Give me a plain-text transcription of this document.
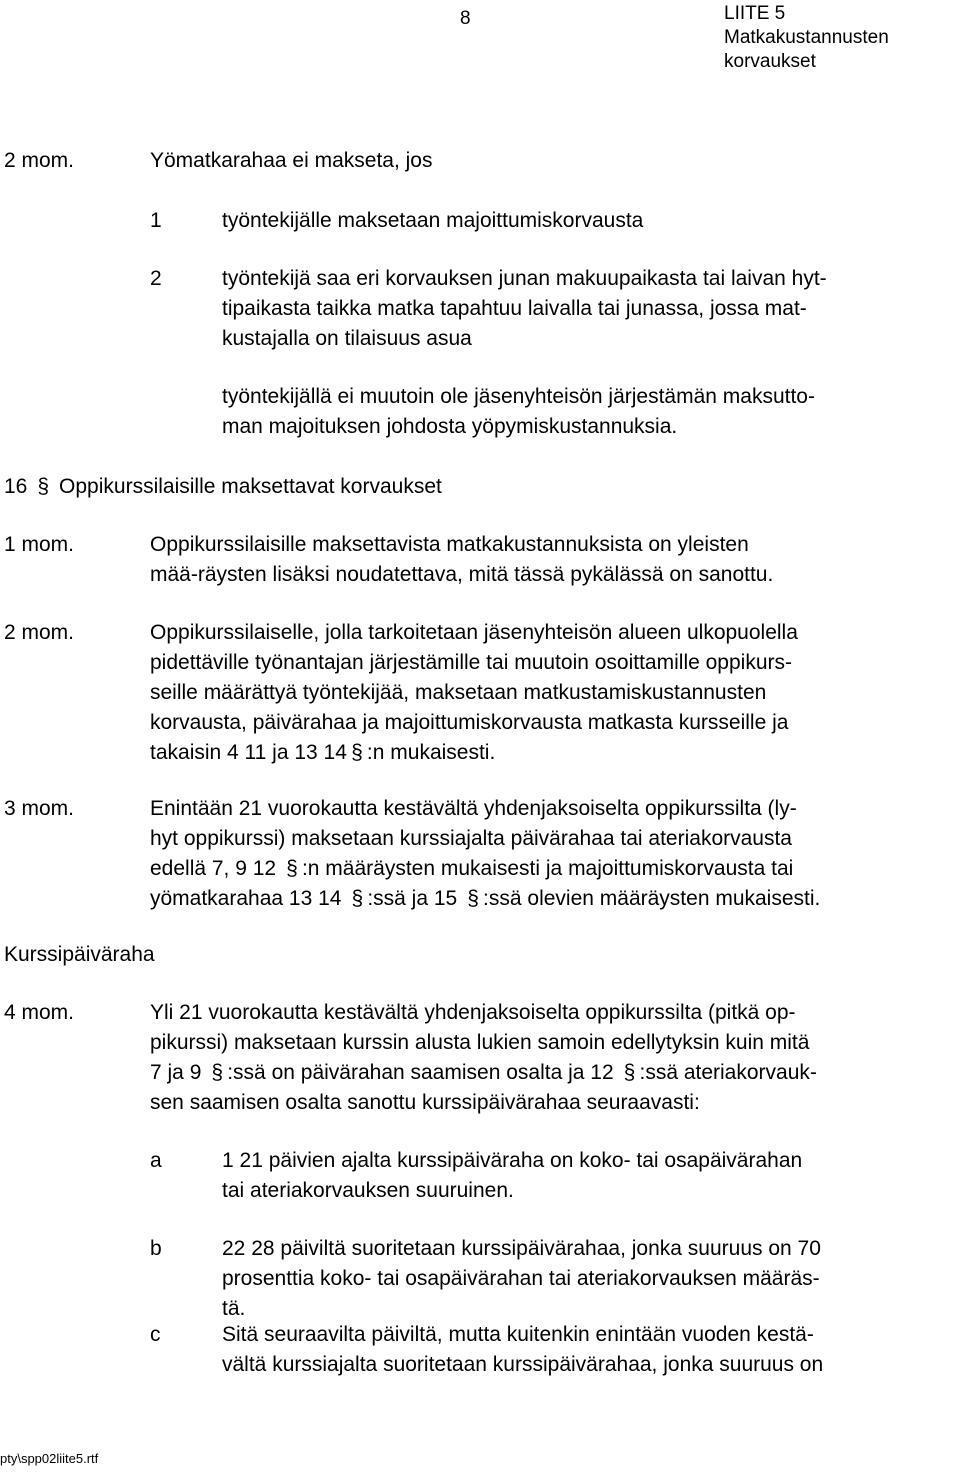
8	LIITE 5
Matkakustannusten
korvaukset
2 mom.	Yömatkarahaa ei makseta, jos
1	työntekijälle maksetaan majoittumiskorvausta
2	työntekijä saa eri korvauksen junan makuupaikasta tai laivan hyt-
tipaikasta taikka matka tapahtuu laivalla tai junassa, jossa mat-
kustajalla on tilaisuus asua
työntekijällä ei muutoin ole jäsenyhteisön järjestämän maksutto-
man majoituksen johdosta yöpymiskustannuksia.
16 § Oppikurssilaisille maksettavat korvaukset
1 mom.	Oppikurssilaisille maksettavista matkakustannuksista on yleisten
mää-räysten lisäksi noudatettava, mitä tässä pykälässä on sanottu.
2 mom.	Oppikurssilaiselle, jolla tarkoitetaan jäsenyhteisön alueen ulkopuolella
pidettäville työnantajan järjestämille tai muutoin osoittamille oppikurs-
seille määrättyä työntekijää, maksetaan matkustamiskustannusten
korvausta, päivärahaa ja majoittumiskorvausta matkasta kursseille ja
takaisin 4 11 ja 13 14 § :n mukaisesti.
3 mom.	Enintään 21 vuorokautta kestävältä yhdenjaksoiselta oppikurssilta (ly-
hyt oppikurssi) maksetaan kurssiajalta päivärahaa tai ateriakorvausta
edellä 7, 9 12 § :n määräysten mukaisesti ja majoittumiskorvausta tai
yömatkarahaa 13 14 § :ssä ja 15 § :ssä olevien määräysten mukaisesti.
Kurssipäiväraha
4 mom.	Yli 21 vuorokautta kestävältä yhdenjaksoiselta oppikurssilta (pitkä op-
pikurssi) maksetaan kurssin alusta lukien samoin edellytyksin kuin mitä
7 ja 9 § :ssä on päivärahan saamisen osalta ja 12 § :ssä ateriakorvauk-
sen saamisen osalta sanottu kurssipäivärahaa seuraavasti:
a	1 21 päivien ajalta kurssipäiväraha on koko- tai osapäivärahan
tai ateriakorvauksen suuruinen.
b	22 28 päiviltä suoritetaan kurssipäivärahaa, jonka suuruus on 70
prosenttia koko- tai osapäivärahan tai ateriakorvauksen määräs-
tä.
c	Sitä seuraavilta päiviltä, mutta kuitenkin enintään vuoden kestä-
vältä kurssiajalta suoritetaan kurssipäivärahaa, jonka suuruus on
pty\spp02liite5.rtf
